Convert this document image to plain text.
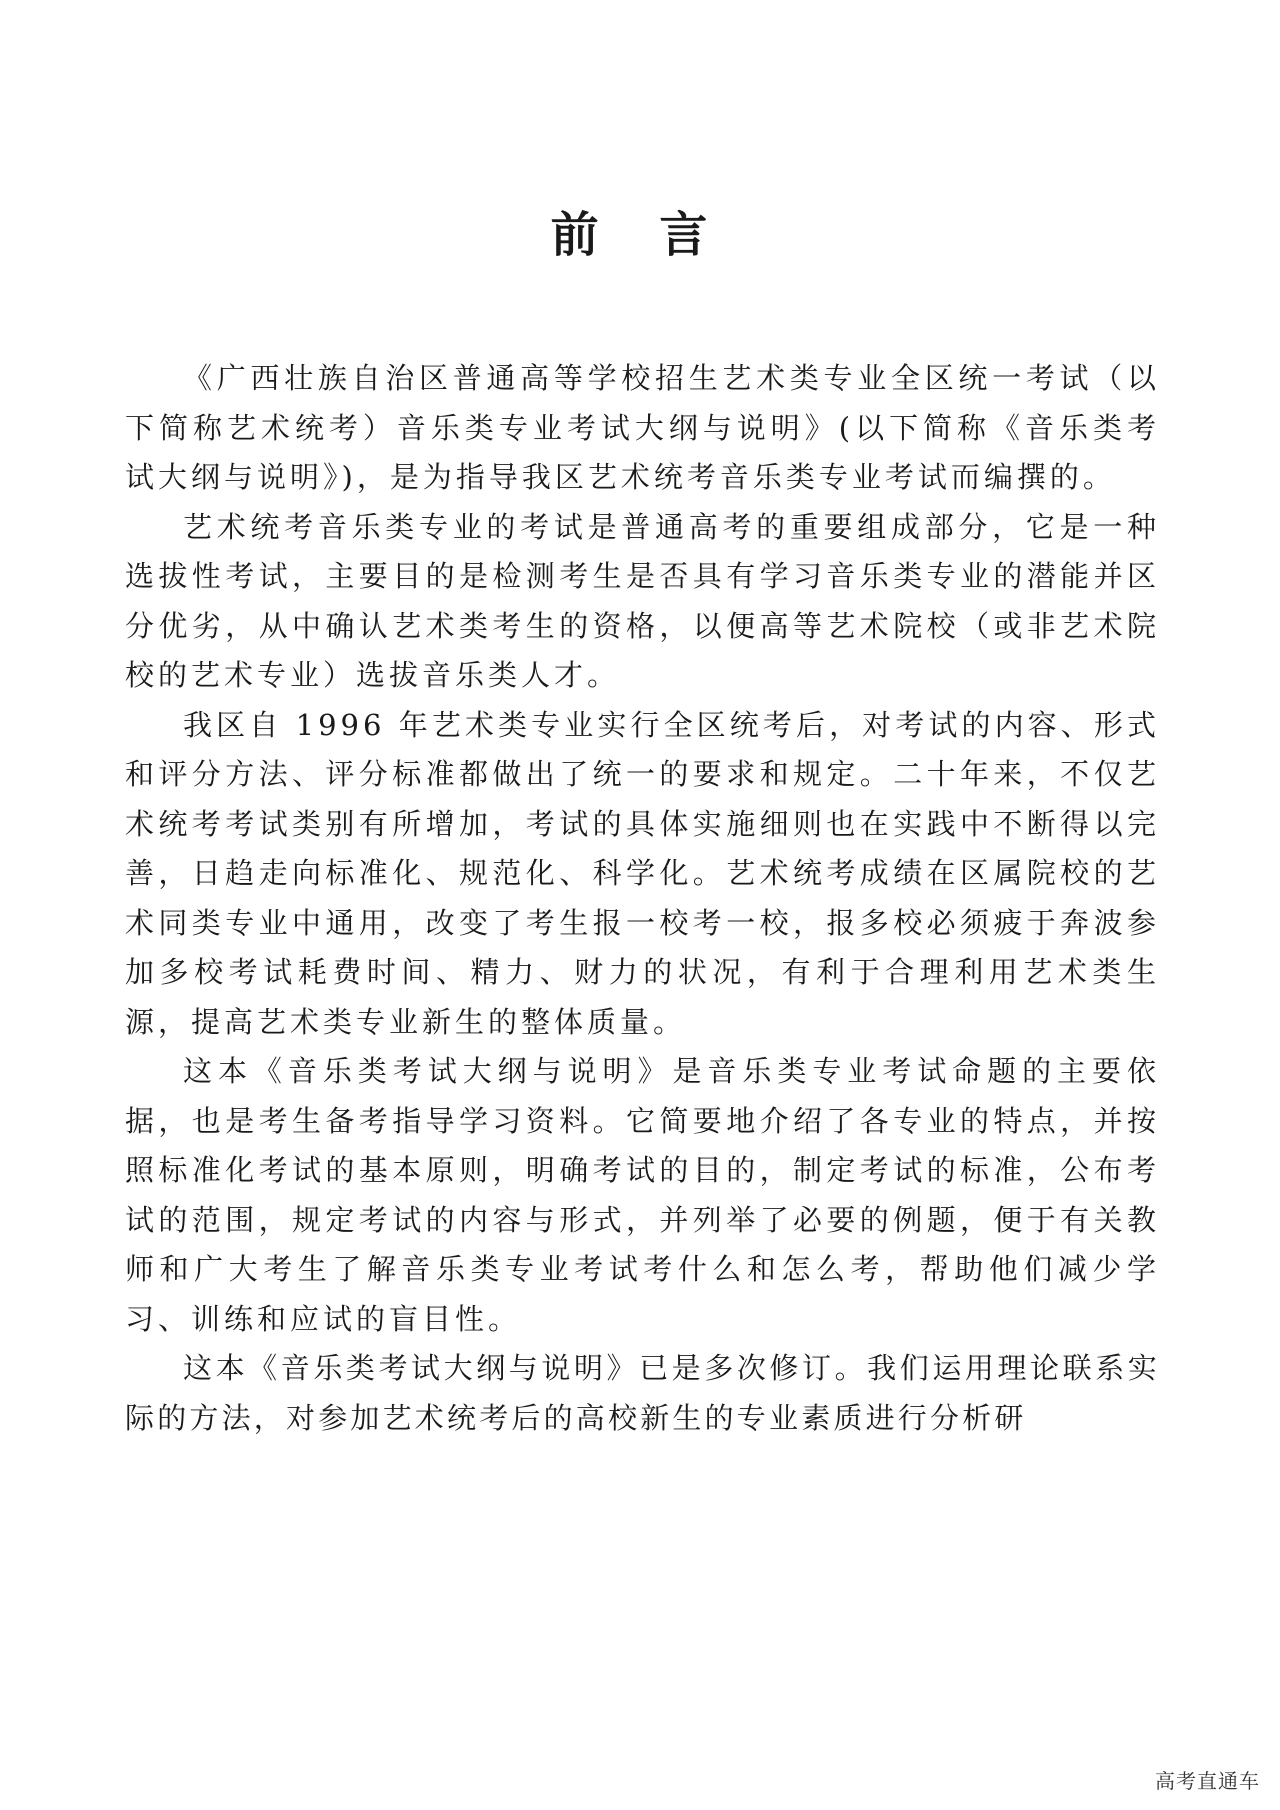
前 言

《广西壮族自治区普通高等学校招生艺术类专业全区统一考试（以下简称艺术统考）音乐类专业考试大纲与说明》(以下简称《音乐类考试大纲与说明》)，是为指导我区艺术统考音乐类专业考试而编撰的。

艺术统考音乐类专业的考试是普通高考的重要组成部分，它是一种选拔性考试，主要目的是检测考生是否具有学习音乐类专业的潜能并区分优劣，从中确认艺术类考生的资格，以便高等艺术院校（或非艺术院校的艺术专业）选拔音乐类人才。

我区自 1996 年艺术类专业实行全区统考后，对考试的内容、形式和评分方法、评分标准都做出了统一的要求和规定。二十年来，不仅艺术统考考试类别有所增加，考试的具体实施细则也在实践中不断得以完善，日趋走向标准化、规范化、科学化。艺术统考成绩在区属院校的艺术同类专业中通用，改变了考生报一校考一校，报多校必须疲于奔波参加多校考试耗费时间、精力、财力的状况，有利于合理利用艺术类生源，提高艺术类专业新生的整体质量。

这本《音乐类考试大纲与说明》是音乐类专业考试命题的主要依据，也是考生备考指导学习资料。它简要地介绍了各专业的特点，并按照标准化考试的基本原则，明确考试的目的，制定考试的标准，公布考试的范围，规定考试的内容与形式，并列举了必要的例题，便于有关教师和广大考生了解音乐类专业考试考什么和怎么考，帮助他们减少学习、训练和应试的盲目性。

这本《音乐类考试大纲与说明》已是多次修订。我们运用理论联系实际的方法，对参加艺术统考后的高校新生的专业素质进行分析研

高考直通车
